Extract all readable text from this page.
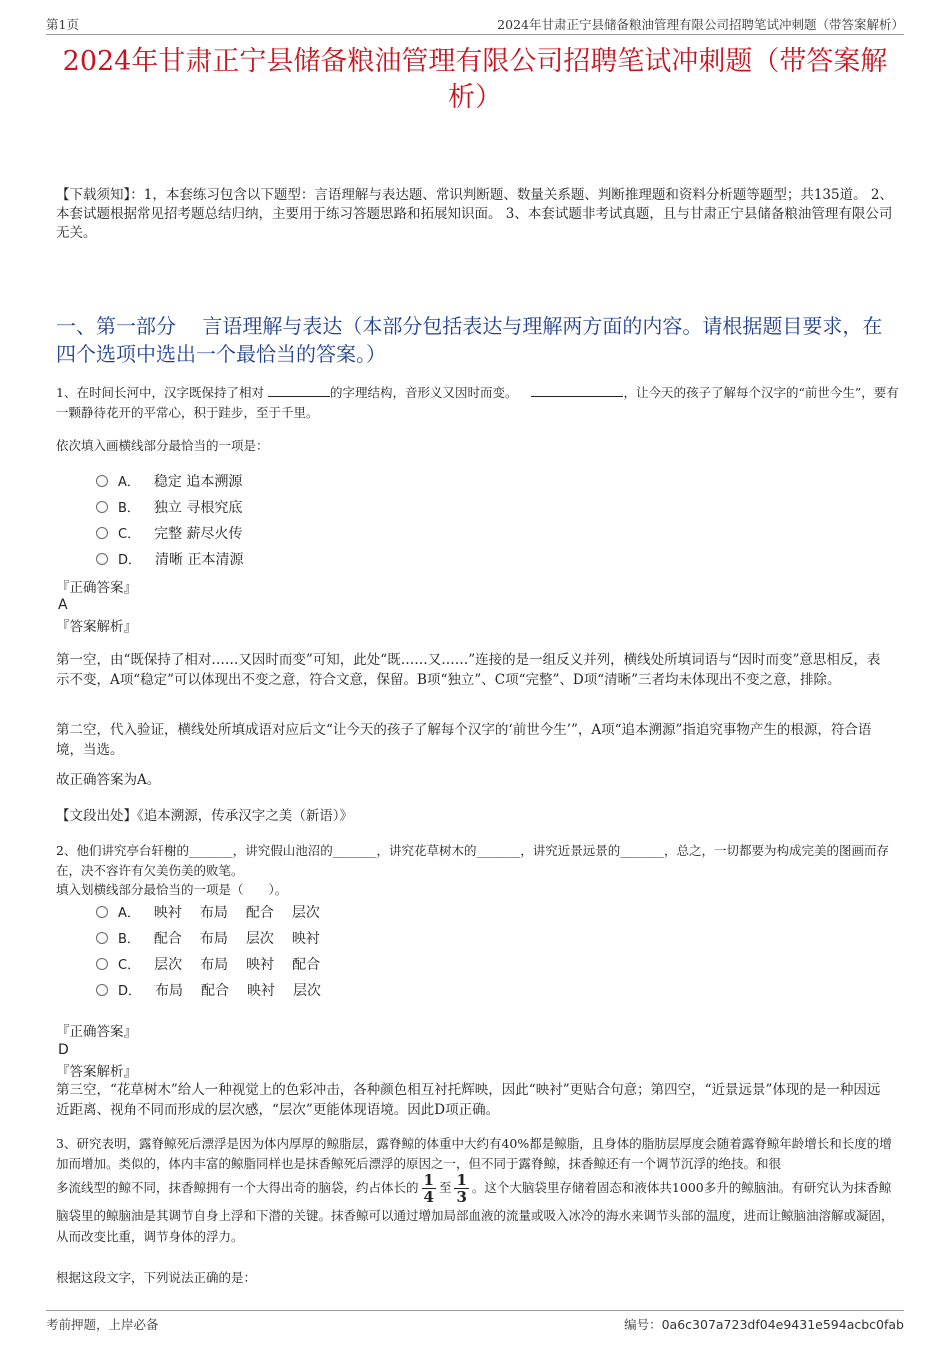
第1页	2024年甘肃正宁县储备粮油管理有限公司招聘笔试冲刺题（带答案解析）
2024年甘肃正宁县储备粮油管理有限公司招聘笔试冲刺题（带答案解析）

【下载须知】：1，本套练习包含以下题型：言语理解与表达题、常识判断题、数量关系题、判断推理题和资料分析题等题型；共135道。 2、本套试题根据常见招考题总结归纳，主要用于练习答题思路和拓展知识面。 3、本套试题非考试真题，且与甘肃正宁县储备粮油管理有限公司无关。

一、第一部分　 言语理解与表达（本部分包括表达与理解两方面的内容。请根据题目要求，在四个选项中选出一个最恰当的答案。）

1、在时间长河中，汉字既保持了相对	的字理结构，音形义又因时而变。	，让今天的孩子了解每个汉字的“前世今生”，要有一颗静待花开的平常心，积于跬步，至于千里。

依次填入画横线部分最恰当的一项是：

A． 稳定 追本溯源
B． 独立 寻根究底
C． 完整 薪尽火传
D． 清晰 正本清源
『正确答案』
A
『答案解析』

第一空，由“既保持了相对……又因时而变”可知，此处“既……又……”连接的是一组反义并列，横线处所填词语与“因时而变”意思相反，表示不变，A项“稳定”可以体现出不变之意，符合文意，保留。B项“独立”、C项“完整”、D项“清晰”三者均未体现出不变之意，排除。

第二空，代入验证，横线处所填成语对应后文“让今天的孩子了解每个汉字的‘前世今生’”，A项“追本溯源”指追究事物产生的根源，符合语境，当选。

故正确答案为A。

【文段出处】《追本溯源，传承汉字之美（新语）》

2、他们讲究亭台轩榭的_______，讲究假山池沼的_______，讲究花草树木的_______，讲究近景远景的_______，总之，一切都要为构成完美的图画而存在，决不容许有欠美伤美的败笔。

填入划横线部分最恰当的一项是（　　）。

A． 映衬 布局 配合 层次
B． 配合 布局 层次 映衬
C． 层次 布局 映衬 配合
D． 布局 配合 映衬 层次
『正确答案』
D
『答案解析』

第三空，“花草树木”给人一种视觉上的色彩冲击，各种颜色相互衬托辉映，因此“映衬”更贴合句意；第四空，“近景远景”体现的是一种因远近距离、视角不同而形成的层次感，“层次”更能体现语境。因此D项正确。

3、研究表明，露脊鲸死后漂浮是因为体内厚厚的鲸脂层，露脊鲸的体重中大约有40%都是鲸脂，且身体的脂肪层厚度会随着露脊鲸年龄增长和长度的增加而增加。类似的，体内丰富的鲸脂同样也是抹香鲸死后漂浮的原因之一，但不同于露脊鲸，抹香鲸还有一个调节沉浮的绝技。和很

多流线型的鲸不同，抹香鲸拥有一个大得出奇的脑袋，约占体长的 $\frac{1}{4}$ 至 $\frac{1}{3}$ 。这个大脑袋里存储着固态和液体共1000多升的鲸脑油。有研究认为抹香鲸脑袋里的鲸脑油是其调节自身上浮和下潜的关键。抹香鲸可以通过增加局部血液的流量或吸入冰冷的海水来调节头部的温度，进而让鲸脑油溶解或凝固，从而改变比重，调节身体的浮力。

根据这段文字，下列说法正确的是：

考前押题，上岸必备	编号：0a6c307a723df04e9431e594acbc0fab
